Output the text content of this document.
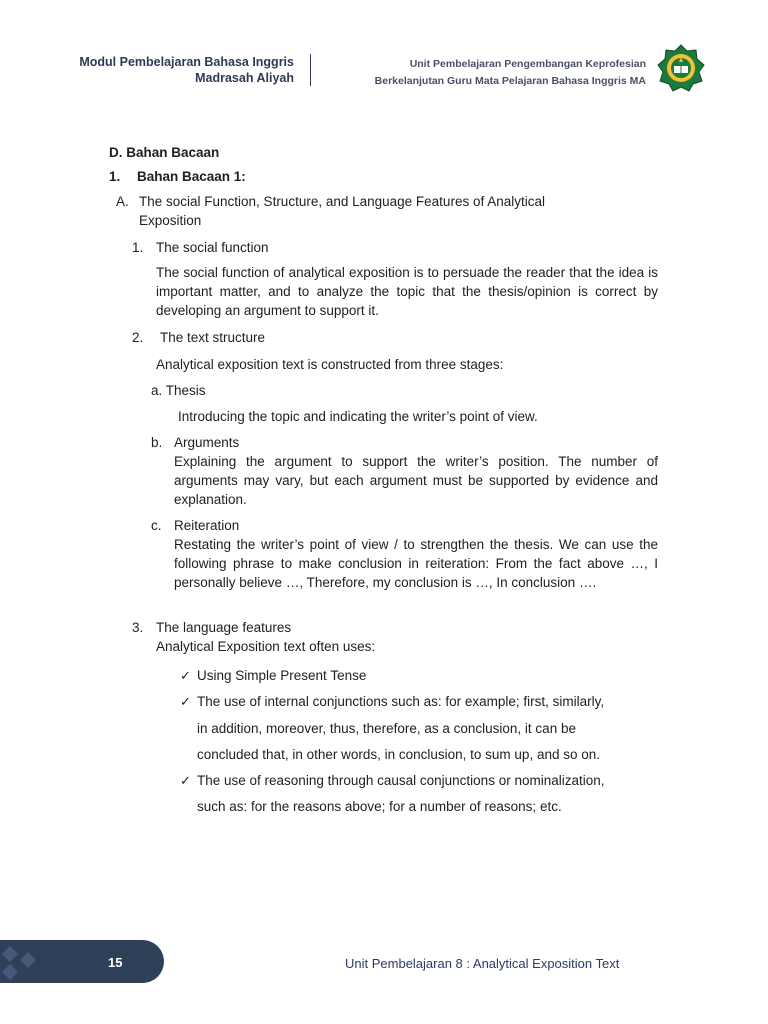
Modul Pembelajaran Bahasa Inggris
Madrasah Aliyah
Unit Pembelajaran Pengembangan Keprofesian
Berkelanjutan Guru Mata Pelajaran Bahasa Inggris MA
D. Bahan Bacaan
1. Bahan Bacaan 1:
A. The social Function, Structure, and Language Features of Analytical
Exposition
1. The social function
The social function of analytical exposition is to persuade the reader that the idea is important matter, and to analyze the topic that the thesis/opinion is correct by developing an argument to support it.
2. The text structure
Analytical exposition text is constructed from three stages:
a. Thesis
Introducing the topic and indicating the writer’s point of view.
b. Arguments
Explaining the argument to support the writer’s position. The number of arguments may vary, but each argument must be supported by evidence and explanation.
c. Reiteration
Restating the writer’s point of view / to strengthen the thesis. We can use the following phrase to make conclusion in reiteration: From the fact above …, I personally believe …, Therefore, my conclusion is …, In conclusion ….
3. The language features
Analytical Exposition text often uses:
✓ Using Simple Present Tense
✓ The use of internal conjunctions such as: for example; first, similarly,
in addition, moreover, thus, therefore, as a conclusion, it can be
concluded that, in other words, in conclusion, to sum up, and so on.
✓ The use of reasoning through causal conjunctions or nominalization,
such as: for the reasons above; for a number of reasons; etc.
15	Unit Pembelajaran 8 : Analytical Exposition Text
